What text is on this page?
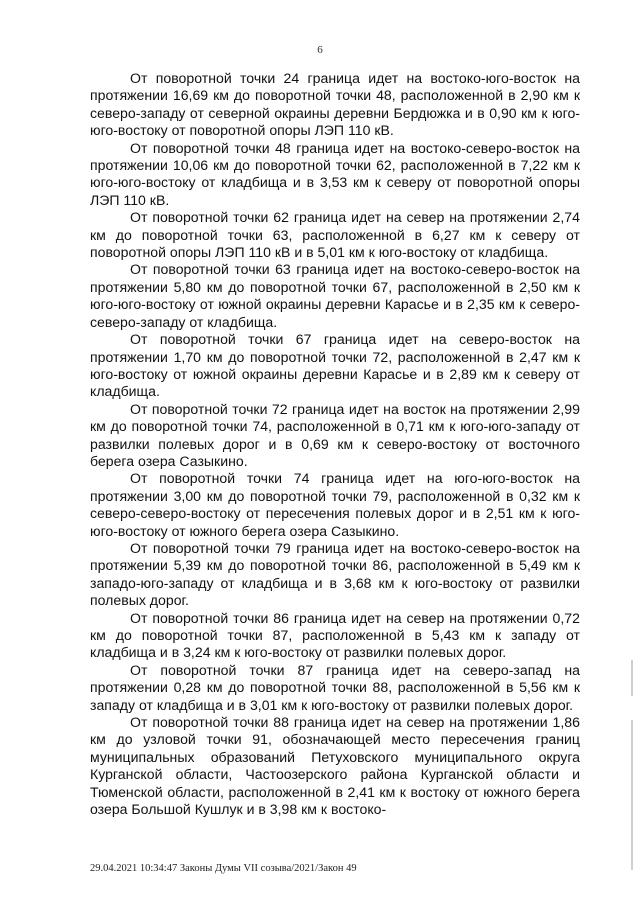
6

От поворотной точки 24 граница идет на востоко-юго-восток на протяжении 16,69 км до поворотной точки 48, расположенной в 2,90 км к северо-западу от северной окраины деревни Бердюжка и в 0,90 км к юго-юго-востоку от поворотной опоры ЛЭП 110 кВ.

От поворотной точки 48 граница идет на востоко-северо-восток на протяжении 10,06 км до поворотной точки 62, расположенной в 7,22 км к юго-юго-востоку от кладбища и в 3,53 км к северу от поворотной опоры ЛЭП 110 кВ.

От поворотной точки 62 граница идет на север на протяжении 2,74 км до поворотной точки 63, расположенной в 6,27 км к северу от поворотной опоры ЛЭП 110 кВ и в 5,01 км к юго-востоку от кладбища.

От поворотной точки 63 граница идет на востоко-северо-восток на протяжении 5,80 км до поворотной точки 67, расположенной в 2,50 км к юго-юго-востоку от южной окраины деревни Карасье и в 2,35 км к северо-северо-западу от кладбища.

От поворотной точки 67 граница идет на северо-восток на протяжении 1,70 км до поворотной точки 72, расположенной в 2,47 км к юго-востоку от южной окраины деревни Карасье и в 2,89 км к северу от кладбища.

От поворотной точки 72 граница идет на восток на протяжении 2,99 км до поворотной точки 74, расположенной в 0,71 км к юго-юго-западу от развилки полевых дорог и в 0,69 км к северо-востоку от восточного берега озера Сазыкино.

От поворотной точки 74 граница идет на юго-юго-восток на протяжении 3,00 км до поворотной точки 79, расположенной в 0,32 км к северо-северо-востоку от пересечения полевых дорог и в 2,51 км к юго-юго-востоку от южного берега озера Сазыкино.

От поворотной точки 79 граница идет на востоко-северо-восток на протяжении 5,39 км до поворотной точки 86, расположенной в 5,49 км к западо-юго-западу от кладбища и в 3,68 км к юго-востоку от развилки полевых дорог.

От поворотной точки 86 граница идет на север на протяжении 0,72 км до поворотной точки 87, расположенной в 5,43 км к западу от кладбища и в 3,24 км к юго-востоку от развилки полевых дорог.

От поворотной точки 87 граница идет на северо-запад на протяжении 0,28 км до поворотной точки 88, расположенной в 5,56 км к западу от кладбища и в 3,01 км к юго-востоку от развилки полевых дорог.

От поворотной точки 88 граница идет на север на протяжении 1,86 км до узловой точки 91, обозначающей место пересечения границ муниципальных образований Петуховского муниципального округа Курганской области, Частоозерского района Курганской области и Тюменской области, расположенной в 2,41 км к востоку от южного берега озера Большой Кушлук и в 3,98 км к востоко-

29.04.2021 10:34:47 Законы Думы VII созыва/2021/Закон 49
